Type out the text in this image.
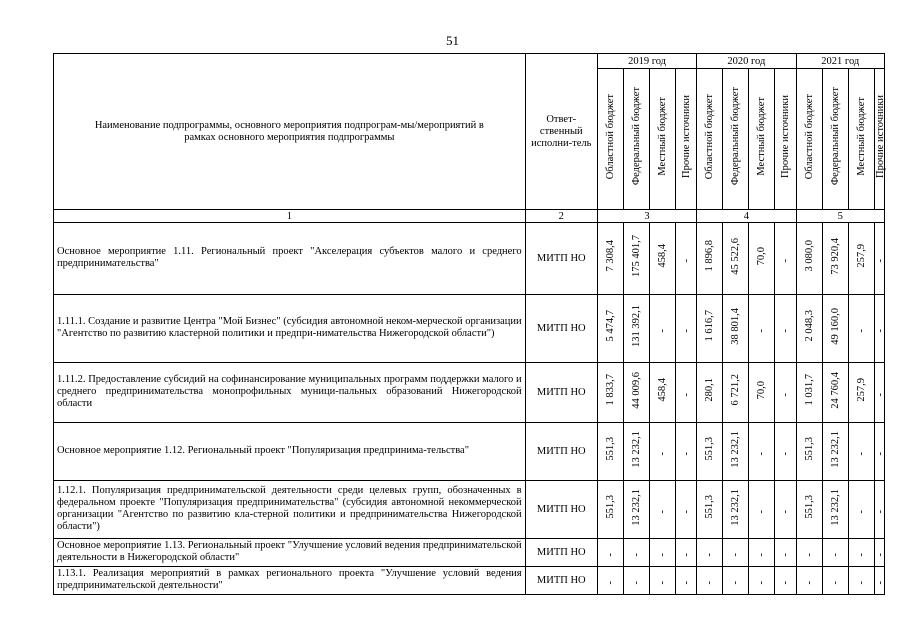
51
Наименование подпрограммы, основного мероприятия подпрограм-мы/мероприятий в рамках основного мероприятия подпрограммы	Ответ-ственный исполни-тель	2019 год				2020 год				2021 год			
		Областной бюджет	Федеральный бюджет	Местный бюджет	Прочие источники	Областной бюджет	Федеральный бюджет	Местный бюджет	Прочие источники	Областной бюджет	Федеральный бюджет	Местный бюджет	Прочие источники
1	2	3				4				5			
Основное мероприятие 1.11. Региональный проект "Акселерация субъектов малого и среднего предпринимательства"	МИТП НО	7 308,4	175 401,7	458,4	-	1 896,8	45 522,6	70,0	-	3 080,0	73 920,4	257,9	-
1.11.1. Создание и развитие Центра "Мой Бизнес" (субсидия автономной неком-мерческой организации "Агентство по развитию кластерной политики и предпри-нимательства Нижегородской области")	МИТП НО	5 474,7	131 392,1	-	-	1 616,7	38 801,4	-	-	2 048,3	49 160,0	-	-
1.11.2. Предоставление субсидий на софинансирование муниципальных программ поддержки малого и среднего предпринимательства монопрофильных муници-пальных образований Нижегородской области	МИТП НО	1 833,7	44 009,6	458,4	-	280,1	6 721,2	70,0	-	1 031,7	24 760,4	257,9	-
Основное мероприятие 1.12. Региональный проект "Популяризация предпринима-тельства"	МИТП НО	551,3	13 232,1	-	-	551,3	13 232,1	-	-	551,3	13 232,1	-	-
1.12.1. Популяризация предпринимательской деятельности среди целевых групп, обозначенных в федеральном проекте "Популяризация предпринимательства" (субсидия автономной некоммерческой организации "Агентство по развитию кла-стерной политики и предпринимательства Нижегородской области")	МИТП НО	551,3	13 232,1	-	-	551,3	13 232,1	-	-	551,3	13 232,1	-	-
Основное мероприятие 1.13. Региональный проект "Улучшение условий ведения предпринимательской деятельности в Нижегородской области"	МИТП НО	-	-	-	-	-	-	-	-	-	-	-	-
1.13.1. Реализация мероприятий в рамках регионального проекта "Улучшение условий ведения предпринимательской деятельности"	МИТП НО	-	-	-	-	-	-	-	-	-	-	-	-
